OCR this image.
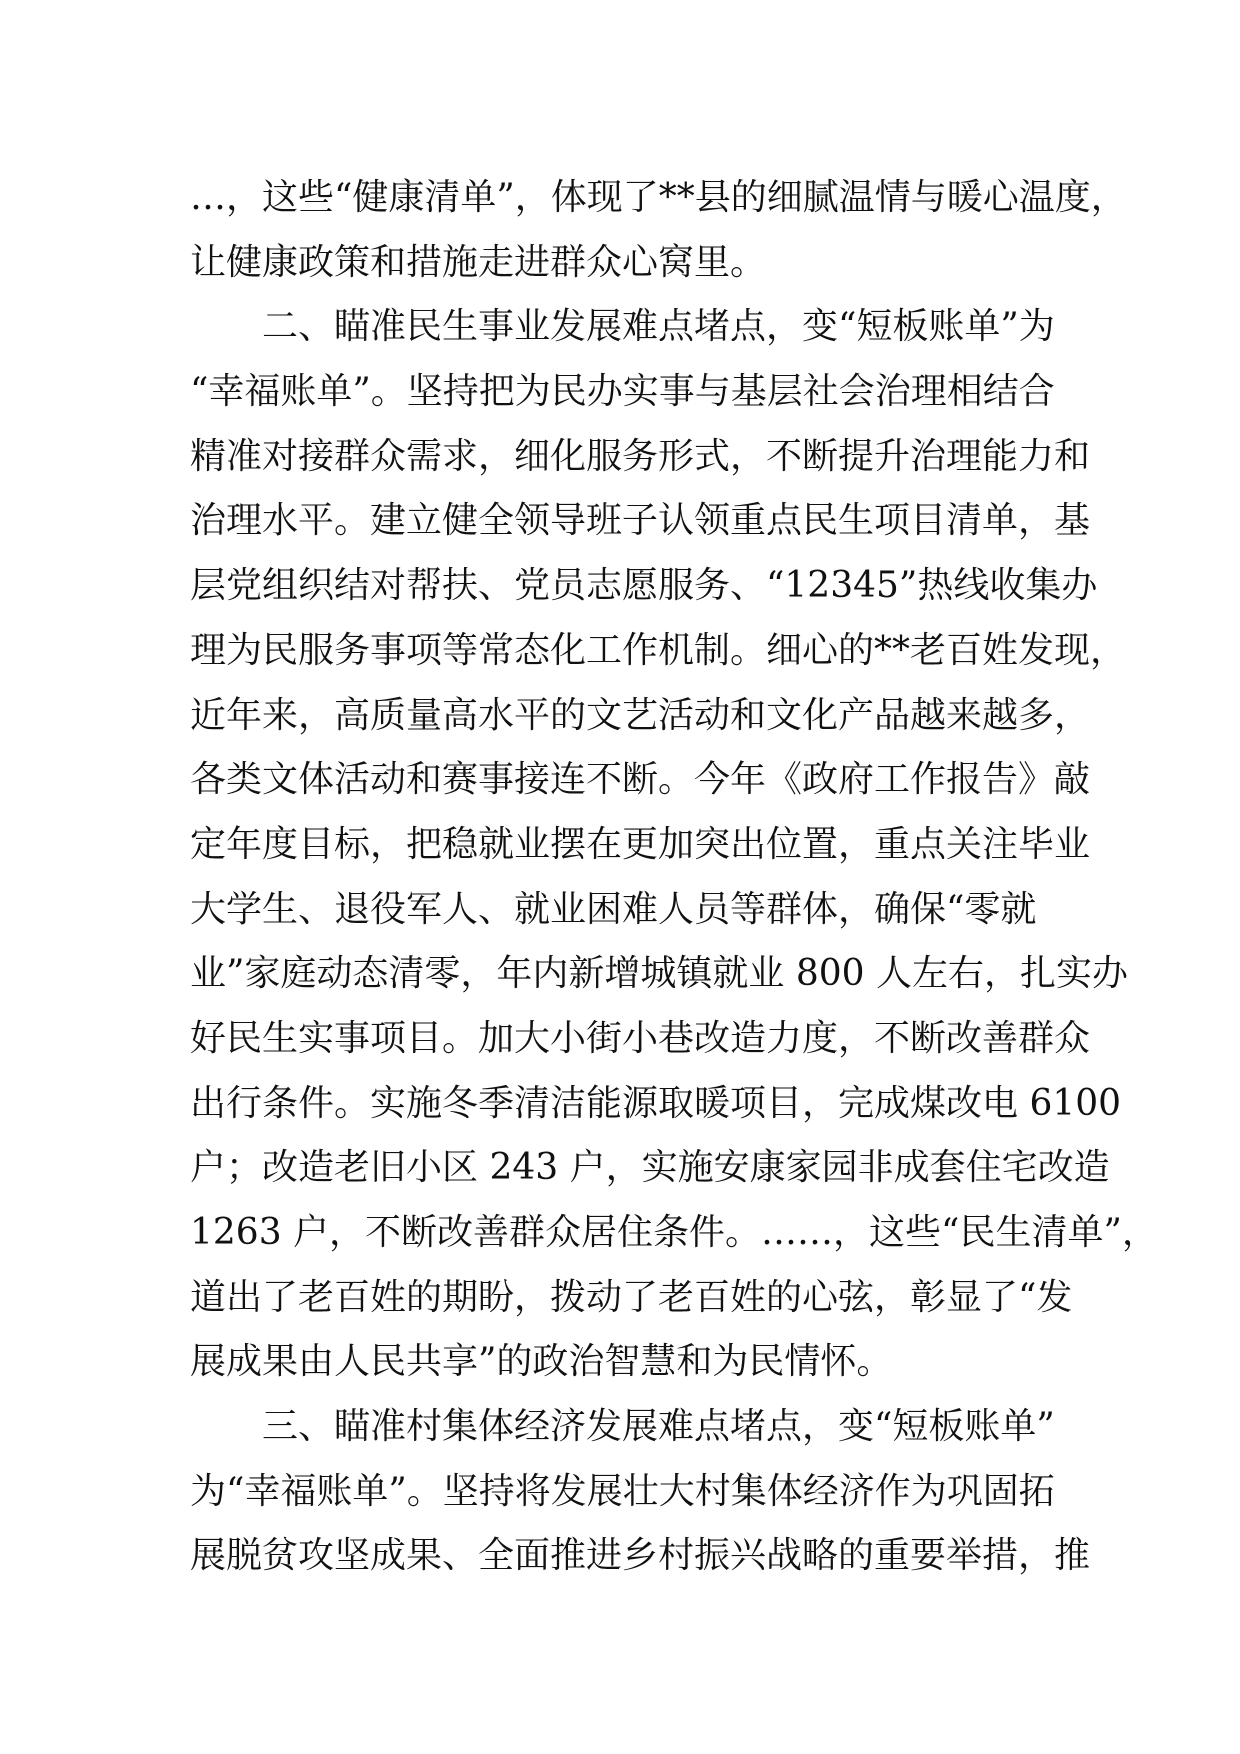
…，这些“健康清单”，体现了**县的细腻温情与暖心温度，
让健康政策和措施走进群众心窝里。
二、瞄准民生事业发展难点堵点，变“短板账单”为
“幸福账单”。坚持把为民办实事与基层社会治理相结合
精准对接群众需求，细化服务形式，不断提升治理能力和
治理水平。建立健全领导班子认领重点民生项目清单，基
层党组织结对帮扶、党员志愿服务、“12345”热线收集办
理为民服务事项等常态化工作机制。细心的**老百姓发现，
近年来，高质量高水平的文艺活动和文化产品越来越多，
各类文体活动和赛事接连不断。今年《政府工作报告》敲
定年度目标，把稳就业摆在更加突出位置，重点关注毕业
大学生、退役军人、就业困难人员等群体，确保“零就
业”家庭动态清零，年内新增城镇就业 800 人左右，扎实办
好民生实事项目。加大小街小巷改造力度，不断改善群众
出行条件。实施冬季清洁能源取暖项目，完成煤改电 6100
户；改造老旧小区 243 户，实施安康家园非成套住宅改造
1263 户，不断改善群众居住条件。……，这些“民生清单”，
道出了老百姓的期盼，拨动了老百姓的心弦，彰显了“发
展成果由人民共享”的政治智慧和为民情怀。
三、瞄准村集体经济发展难点堵点，变“短板账单”
为“幸福账单”。坚持将发展壮大村集体经济作为巩固拓
展脱贫攻坚成果、全面推进乡村振兴战略的重要举措，推
